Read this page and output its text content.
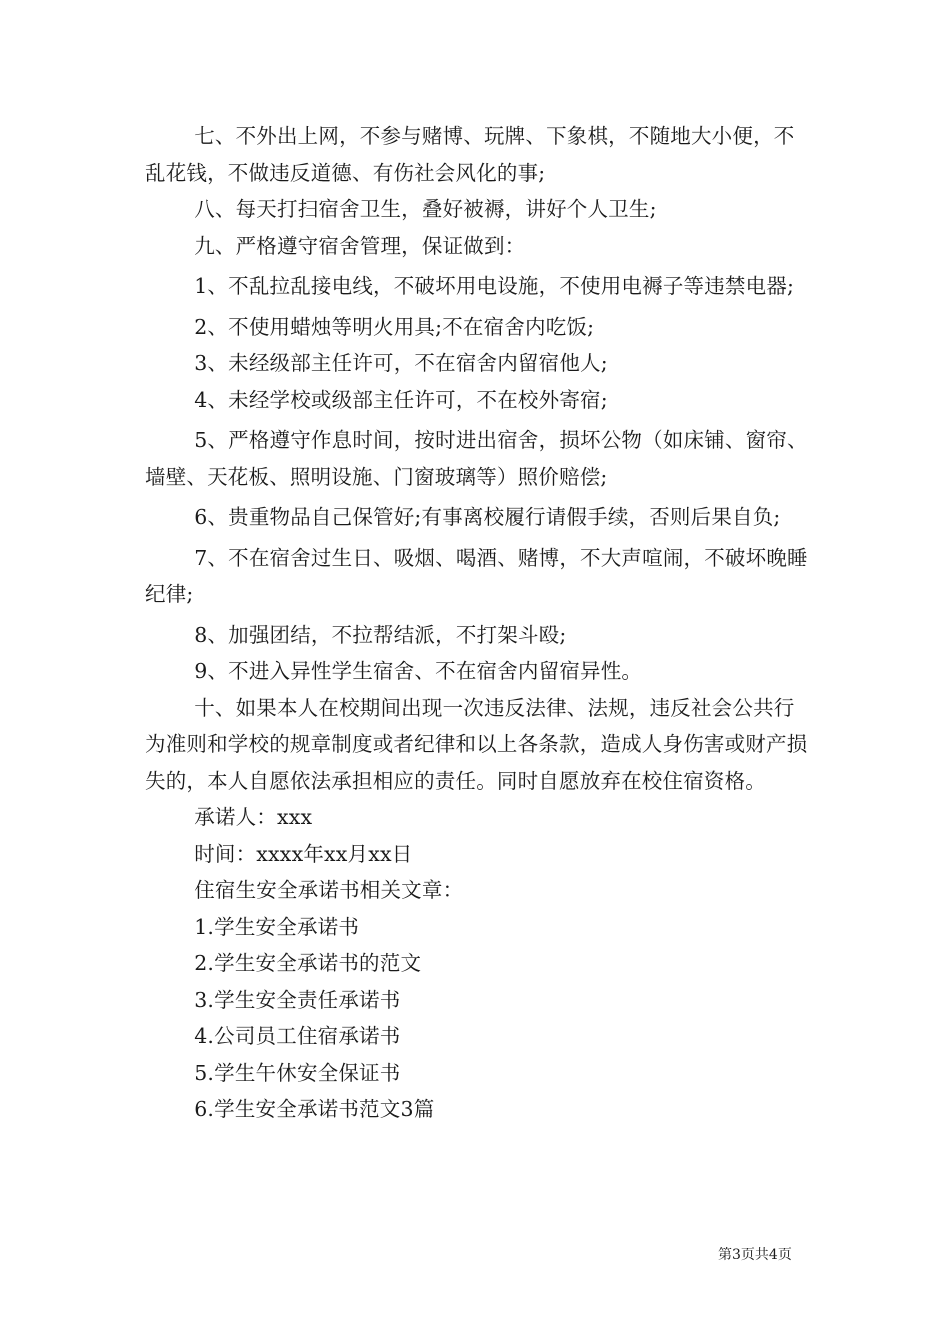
七、不外出上网，不参与赌博、玩牌、下象棋，不随地大小便，不乱花钱，不做违反道德、有伤社会风化的事;

八、每天打扫宿舍卫生，叠好被褥，讲好个人卫生;

九、严格遵守宿舍管理，保证做到：

1、不乱拉乱接电线，不破坏用电设施，不使用电褥子等违禁电器;

2、不使用蜡烛等明火用具;不在宿舍内吃饭;

3、未经级部主任许可，不在宿舍内留宿他人;

4、未经学校或级部主任许可，不在校外寄宿;

5、严格遵守作息时间，按时进出宿舍，损坏公物（如床铺、窗帘、墙壁、天花板、照明设施、门窗玻璃等）照价赔偿;

6、贵重物品自己保管好;有事离校履行请假手续，否则后果自负;

7、不在宿舍过生日、吸烟、喝酒、赌博，不大声喧闹，不破坏晚睡纪律;

8、加强团结，不拉帮结派，不打架斗殴;

9、不进入异性学生宿舍、不在宿舍内留宿异性。

十、如果本人在校期间出现一次违反法律、法规，违反社会公共行为准则和学校的规章制度或者纪律和以上各条款，造成人身伤害或财产损失的，本人自愿依法承担相应的责任。同时自愿放弃在校住宿资格。

承诺人：xxx

时间：xxxx年xx月xx日

住宿生安全承诺书相关文章：

1.学生安全承诺书

2.学生安全承诺书的范文

3.学生安全责任承诺书

4.公司员工住宿承诺书

5.学生午休安全保证书

6.学生安全承诺书范文3篇

第3页共4页
